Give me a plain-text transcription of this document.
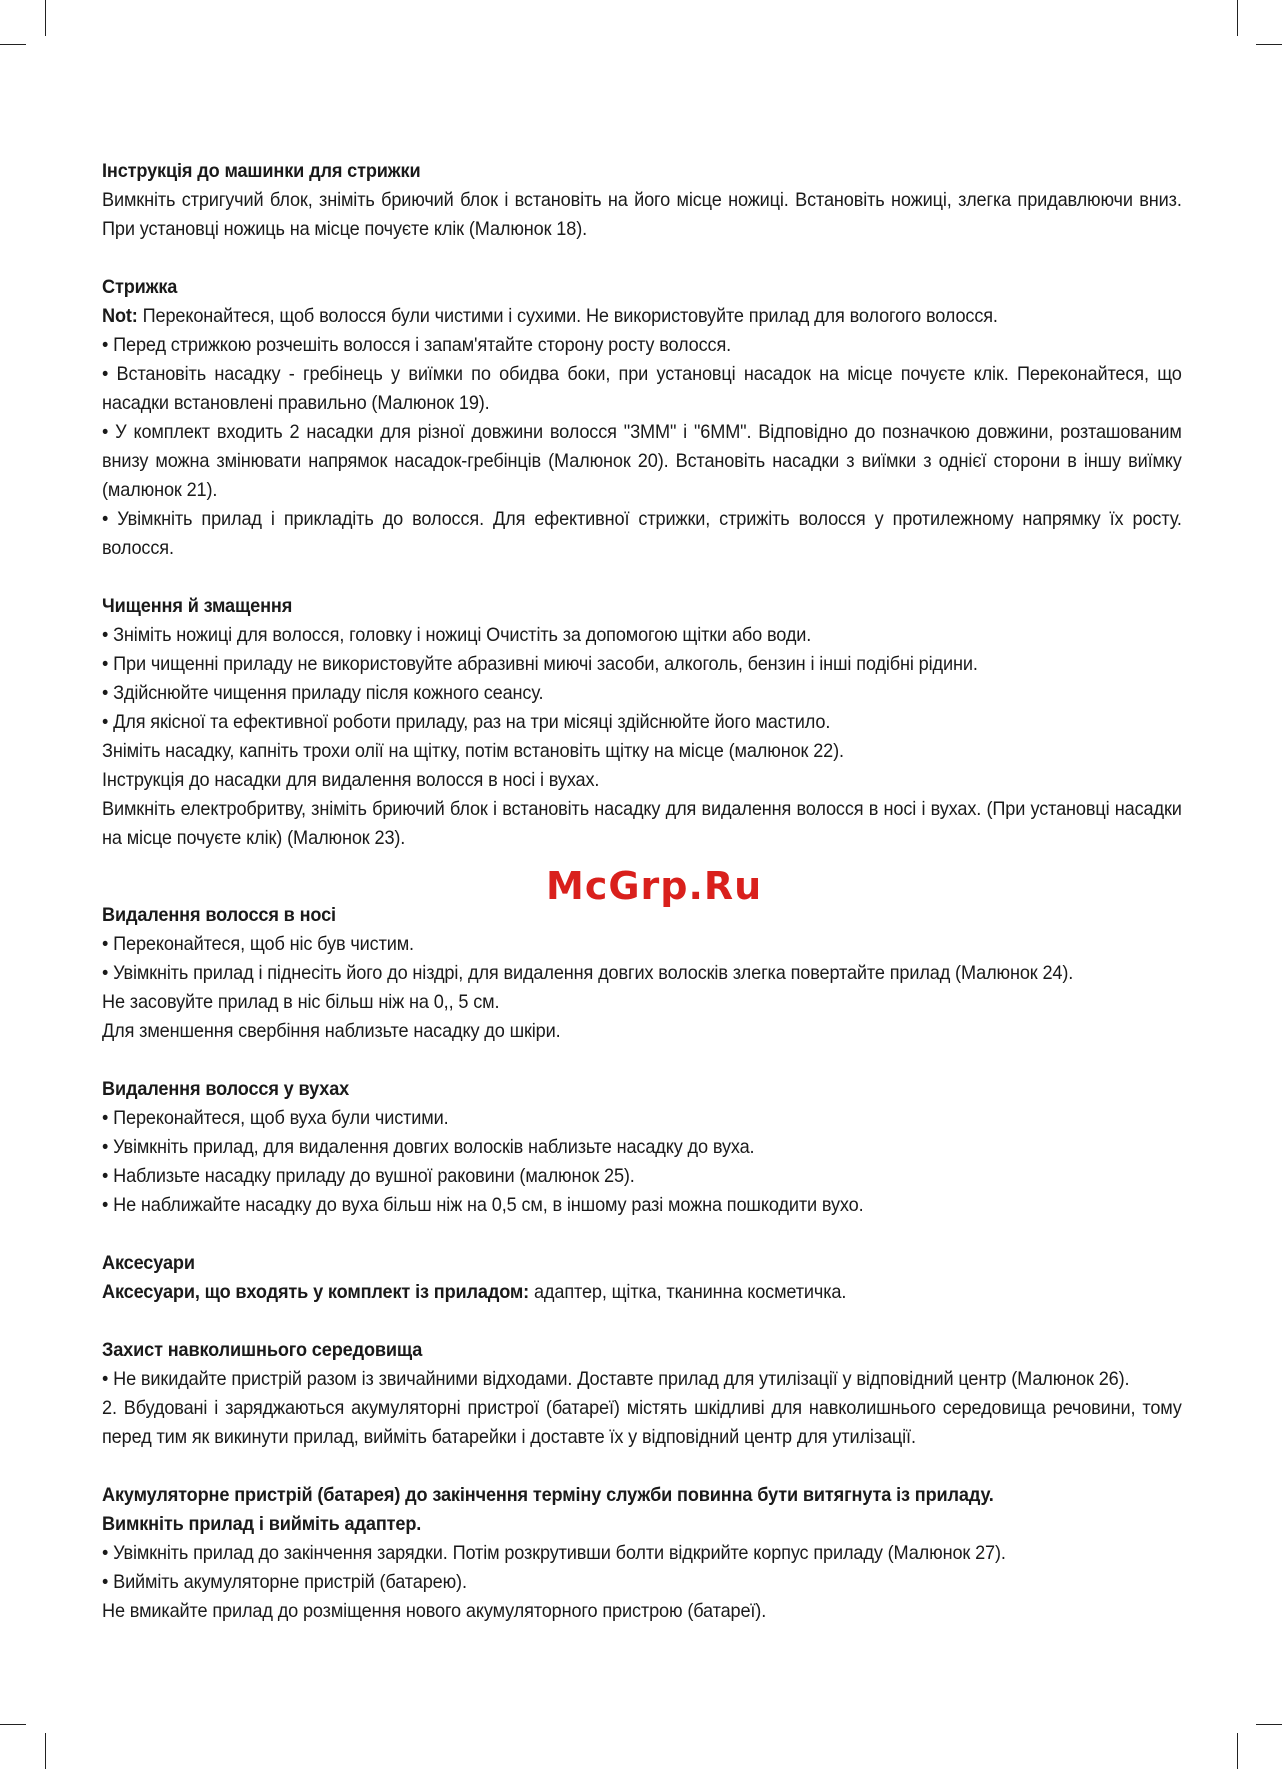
McGrp.Ru

Інструкція до машинки для стрижки

Вимкніть стригучий блок, зніміть бриючий блок і встановіть на його місце ножиці. Встановіть ножиці, злегка придавлюючи вниз. При установці ножиць на місце почуєте клік (Малюнок 18).

Стрижка

Not: Переконайтеся, щоб волосся були чистими і сухими. Не використовуйте прилад для вологого волосся.

• Перед стрижкою розчешіть волосся і запам'ятайте сторону росту волосся.

• Встановіть насадку - гребінець у виїмки по обидва боки, при установці насадок на місце почуєте клік. Переконайтеся, що насадки встановлені правильно (Малюнок 19).

• У комплект входить 2 насадки для різної довжини волосся "3ММ" і "6ММ". Відповідно до позначкою довжини, розташованим внизу можна змінювати напрямок насадок-гребінців (Малюнок 20). Встановіть насадки з виїмки з однієї сторони в іншу виїмку (малюнок 21).

• Увімкніть прилад і прикладіть до волосся. Для ефективної стрижки, стрижіть волосся у протилежному напрямку їх росту. волосся.

Чищення й змащення

• Зніміть ножиці для волосся, головку і ножиці Очистіть за допомогою щітки або води.

• При чищенні приладу не використовуйте абразивні миючі засоби, алкоголь, бензин і інші подібні рідини.

• Здійснюйте чищення приладу після кожного сеансу.

• Для якісної та ефективної роботи приладу, раз на три місяці здійснюйте його мастило.

Зніміть насадку, капніть трохи олії на щітку, потім встановіть щітку на місце (малюнок 22).

Інструкція до насадки для видалення волосся в носі і вухах.

Вимкніть електробритву, зніміть бриючий блок і встановіть насадку для видалення волосся в носі і вухах. (При установці насадки на місце почуєте клік) (Малюнок 23).

Видалення волосся в носі

• Переконайтеся, щоб ніс був чистим.

• Увімкніть прилад і піднесіть його до ніздрі, для видалення довгих волосків злегка повертайте прилад (Малюнок 24).

Не засовуйте прилад в ніс більш ніж на 0,, 5 см.

Для зменшення свербіння наблизьте насадку до шкіри.

Видалення волосся у вухах

• Переконайтеся, щоб вуха були чистими.

• Увімкніть прилад, для видалення довгих волосків наблизьте насадку до вуха.

• Наблизьте насадку приладу до вушної раковини (малюнок 25).

• Не наближайте насадку до вуха більш ніж на 0,5 см, в іншому разі можна пошкодити вухо.

Аксесуари

Аксесуари, що входять у комплект із приладом: адаптер, щітка, тканинна косметичка.

Захист навколишнього середовища

• Не викидайте пристрій разом із звичайними відходами. Доставте прилад для утилізації у відповідний центр (Малюнок 26).

2. Вбудовані і заряджаються акумуляторні пристрої (батареї) містять шкідливі для навколишнього середовища речовини, тому перед тим як викинути прилад, вийміть батарейки і доставте їх у відповідний центр для утилізації.

Акумуляторне пристрій (батарея) до закінчення терміну служби повинна бути витягнута із приладу.

Вимкніть прилад і вийміть адаптер.

• Увімкніть прилад до закінчення зарядки. Потім розкрутивши болти відкрийте корпус приладу (Малюнок 27).

• Вийміть акумуляторне пристрій (батарею).

Не вмикайте прилад до розміщення нового акумуляторного пристрою (батареї).
